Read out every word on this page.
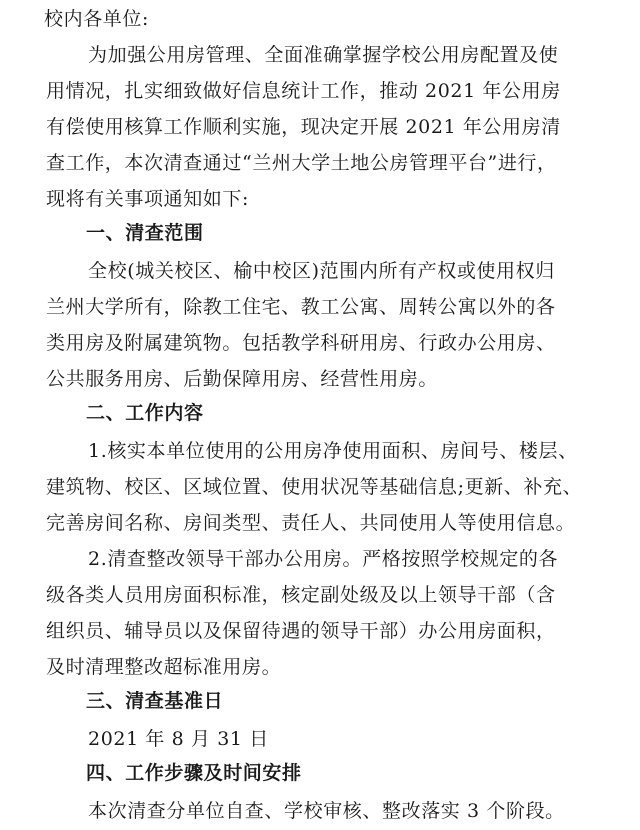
校内各单位:
为加强公用房管理、全面准确掌握学校公用房配置及使
用情况，扎实细致做好信息统计工作，推动 2021 年公用房
有偿使用核算工作顺利实施，现决定开展 2021 年公用房清
查工作，本次清查通过“兰州大学土地公房管理平台”进行，
现将有关事项通知如下:
一、清查范围
全校(城关校区、榆中校区)范围内所有产权或使用权归
兰州大学所有，除教工住宅、教工公寓、周转公寓以外的各
类用房及附属建筑物。包括教学科研用房、行政办公用房、
公共服务用房、后勤保障用房、经营性用房。
二、工作内容
1.核实本单位使用的公用房净使用面积、房间号、楼层、
建筑物、校区、区域位置、使用状况等基础信息;更新、补充、
完善房间名称、房间类型、责任人、共同使用人等使用信息。
2.清查整改领导干部办公用房。严格按照学校规定的各
级各类人员用房面积标准，核定副处级及以上领导干部（含
组织员、辅导员以及保留待遇的领导干部）办公用房面积，
及时清理整改超标准用房。
三、清查基准日
2021 年 8 月 31 日
四、工作步骤及时间安排
本次清查分单位自查、学校审核、整改落实 3 个阶段。
